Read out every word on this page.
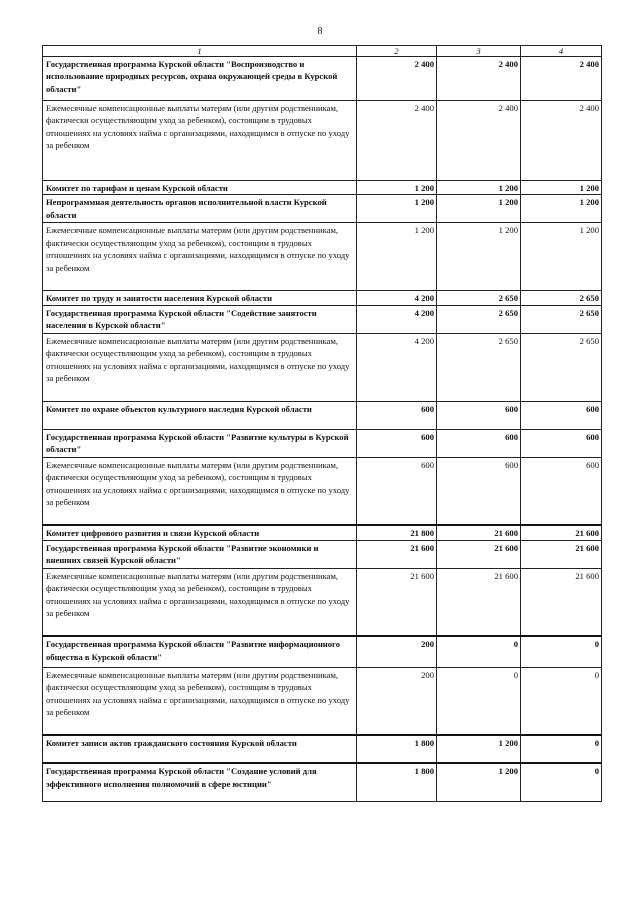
8
1	2	3	4
Государственная программа Курской области "Воспроизводство и использование природных ресурсов, охрана окружающей среды в Курской области"	2 400	2 400	2 400
Ежемесячные компенсационные выплаты матерям (или другим родственникам, фактически осуществляющим уход за ребенком), состоящим в трудовых отношениях на условиях найма с организациями, находящимся в отпуске по уходу за ребенком	2 400	2 400	2 400
Комитет по тарифам и ценам Курской области	1 200	1 200	1 200
Непрограммная деятельность органов исполнительной власти Курской области	1 200	1 200	1 200
Ежемесячные компенсационные выплаты матерям (или другим родственникам, фактически осуществляющим уход за ребенком), состоящим в трудовых отношениях на условиях найма с организациями, находящимся в отпуске по уходу за ребенком	1 200	1 200	1 200
Комитет по труду и занятости населения Курской области	4 200	2 650	2 650
Государственная программа Курской области "Содействие занятости населения в Курской области"	4 200	2 650	2 650
Ежемесячные компенсационные выплаты матерям (или другим родственникам, фактически осуществляющим уход за ребенком), состоящим в трудовых отношениях на условиях найма с организациями, находящимся в отпуске по уходу за ребенком	4 200	2 650	2 650
Комитет по охране объектов культурного наследия Курской области	600	600	600
Государственная программа Курской области "Развитие культуры в Курской области"	600	600	600
Ежемесячные компенсационные выплаты матерям (или другим родственникам, фактически осуществляющим уход за ребенком), состоящим в трудовых отношениях на условиях найма с организациями, находящимся в отпуске по уходу за ребенком	600	600	600
Комитет цифрового развития и связи Курской области	21 800	21 600	21 600
Государственная программа Курской области "Развитие экономики и внешних связей Курской области"	21 600	21 600	21 600
Ежемесячные компенсационные выплаты матерям (или другим родственникам, фактически осуществляющим уход за ребенком), состоящим в трудовых отношениях на условиях найма с организациями, находящимся в отпуске по уходу за ребенком	21 600	21 600	21 600
Государственная программа Курской области "Развитие информационного общества в Курской области"	200	0	0
Ежемесячные компенсационные выплаты матерям (или другим родственникам, фактически осуществляющим уход за ребенком), состоящим в трудовых отношениях на условиях найма с организациями, находящимся в отпуске по уходу за ребенком	200	0	0
Комитет записи актов гражданского состояния Курской области	1 800	1 200	0
Государственная программа Курской области "Создание условий для эффективного исполнения полномочий в сфере юстиции"	1 800	1 200	0
